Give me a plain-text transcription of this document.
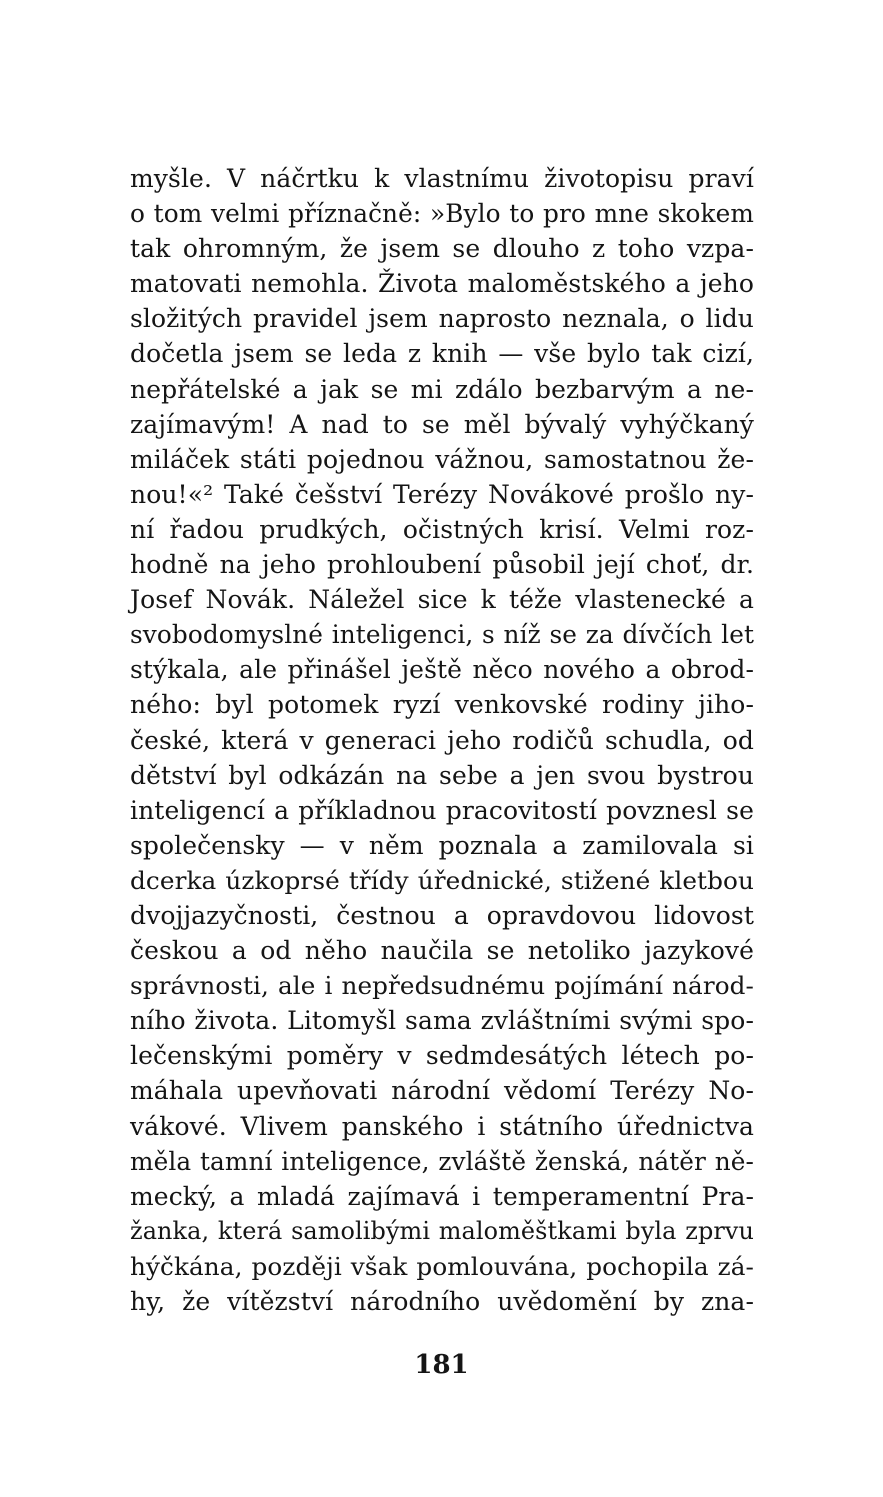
myšle. V náčrtku k vlastnímu životopisu praví
o tom velmi příznačně: »Bylo to pro mne skokem
tak ohromným, že jsem se dlouho z toho vzpa-
matovati nemohla. Života maloměstského a jeho
složitých pravidel jsem naprosto neznala, o lidu
dočetla jsem se leda z knih — vše bylo tak cizí,
nepřátelské a jak se mi zdálo bezbarvým a ne-
zajímavým! A nad to se měl bývalý vyhýčkaný
miláček státi pojednou vážnou, samostatnou že-
nou!«² Také češství Terézy Novákové prošlo ny-
ní řadou prudkých, očistných krisí. Velmi roz-
hodně na jeho prohloubení působil její choť, dr.
Josef Novák. Náležel sice k téže vlastenecké a
svobodomyslné inteligenci, s níž se za dívčích let
stýkala, ale přinášel ještě něco nového a obrod-
ného: byl potomek ryzí venkovské rodiny jiho-
české, která v generaci jeho rodičů schudla, od
dětství byl odkázán na sebe a jen svou bystrou
inteligencí a příkladnou pracovitostí povznesl se
společensky — v něm poznala a zamilovala si
dcerka úzkoprsé třídy úřednické, stižené kletbou
dvojjazyčnosti, čestnou a opravdovou lidovost
českou a od něho naučila se netoliko jazykové
správnosti, ale i nepředsudnému pojímání národ-
ního života. Litomyšl sama zvláštními svými spo-
lečenskými poměry v sedmdesátých létech po-
máhala upevňovati národní vědomí Terézy No-
vákové. Vlivem panského i státního úřednictva
měla tamní inteligence, zvláště ženská, nátěr ně-
mecký, a mladá zajímavá i temperamentní Pra-
žanka, která samolibými maloměštkami byla zprvu
hýčkána, později však pomlouvána, pochopila zá-
hy, že vítězství národního uvědomění by zna-
181
